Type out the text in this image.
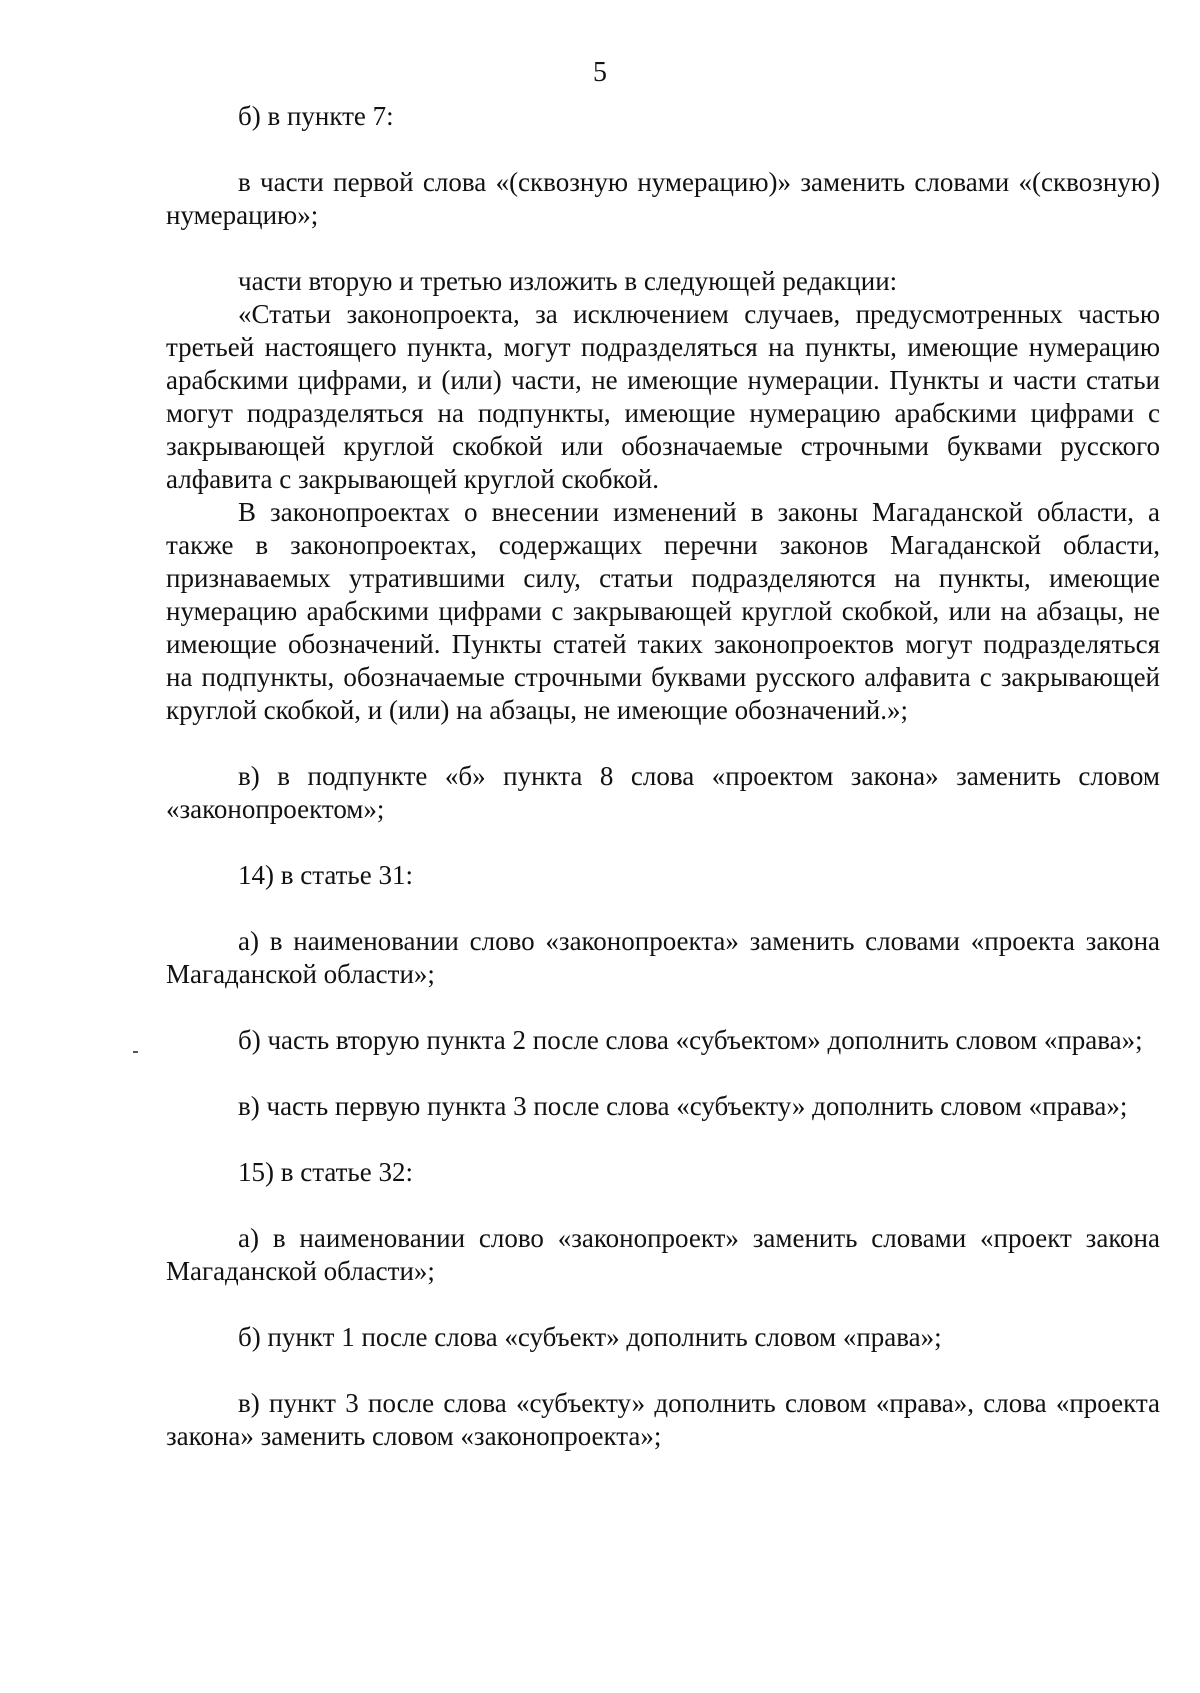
5

б) в пункте 7:

в части первой слова «(сквозную нумерацию)» заменить словами «(сквозную) нумерацию»;

части вторую и третью изложить в следующей редакции:

«Статьи законопроекта, за исключением случаев, предусмотренных частью третьей настоящего пункта, могут подразделяться на пункты, имеющие нумерацию арабскими цифрами, и (или) части, не имеющие нумерации. Пункты и части статьи могут подразделяться на подпункты, имеющие нумерацию арабскими цифрами с закрывающей круглой скобкой или обозначаемые строчными буквами русского алфавита с закрывающей круглой скобкой.

В законопроектах о внесении изменений в законы Магаданской области, а также в законопроектах, содержащих перечни законов Магаданской области, признаваемых утратившими силу, статьи подразделяются на пункты, имеющие нумерацию арабскими цифрами с закрывающей круглой скобкой, или на абзацы, не имеющие обозначений. Пункты статей таких законопроектов могут подразделяться на подпункты, обозначаемые строчными буквами русского алфавита с закрывающей круглой скобкой, и (или) на абзацы, не имеющие обозначений.»;

в) в подпункте «б» пункта 8 слова «проектом закона» заменить словом «законопроектом»;

14) в статье 31:

а) в наименовании слово «законопроекта» заменить словами «проекта закона Магаданской области»;

б) часть вторую пункта 2 после слова «субъектом» дополнить словом «права»;

в) часть первую пункта 3 после слова «субъекту» дополнить словом «права»;

15) в статье 32:

а) в наименовании слово «законопроект» заменить словами «проект закона Магаданской области»;

б) пункт 1 после слова «субъект» дополнить словом «права»;

в) пункт 3 после слова «субъекту» дополнить словом «права», слова «проекта закона» заменить словом «законопроекта»;
